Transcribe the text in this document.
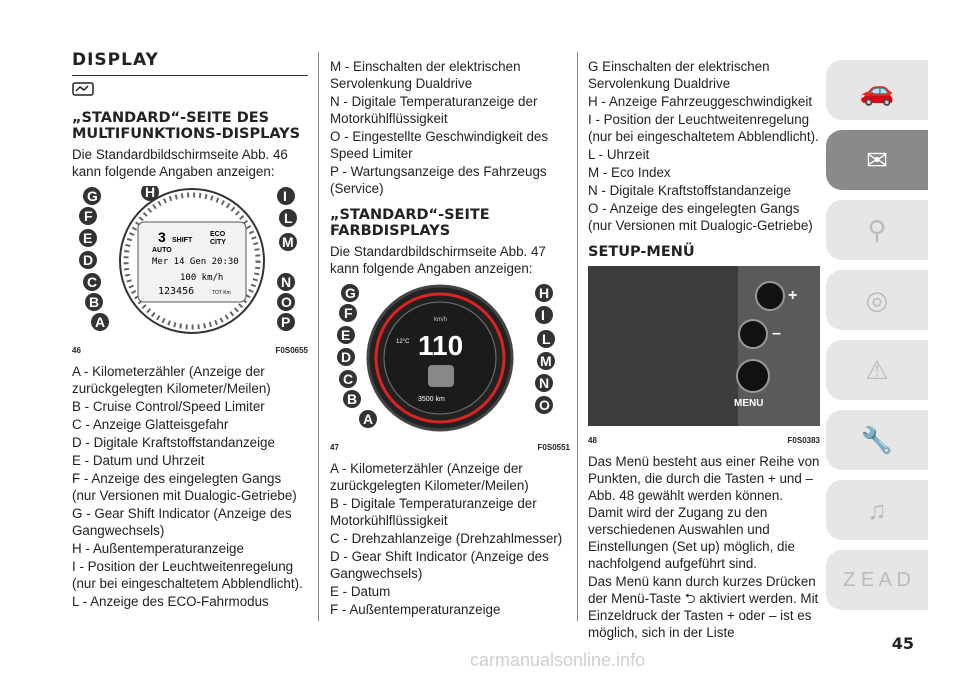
DISPLAY
„STANDARD“-SEITE DES MULTIFUNKTIONS-DISPLAYS

Die Standardbildschirmseite Abb. 46 kann folgende Angaben anzeigen:

3 SHIFT
ECO
CITY
AUTO
Mer 14 Gen 20:30
100 km/h
123456	TOT Km
G	H	I
F	L
E	M
D
C	N
B	O
A	P
46	F0S0655

A - Kilometerzähler (Anzeige der zurückgelegten Kilometer/Meilen)

B - Cruise Control/Speed Limiter

C - Anzeige Glatteisgefahr

D - Digitale Kraftstoffstandanzeige

E - Datum und Uhrzeit

F - Anzeige des eingelegten Gangs (nur Versionen mit Dualogic-Getriebe)

G - Gear Shift Indicator (Anzeige des Gangwechsels)

H - Außentemperaturanzeige

I - Position der Leuchtweitenregelung (nur bei eingeschaltetem Abblendlicht).

L - Anzeige des ECO-Fahrmodus

M - Einschalten der elektrischen Servolenkung Dualdrive

N - Digitale Temperaturanzeige der Motorkühlflüssigkeit

O - Eingestellte Geschwindigkeit des Speed Limiter

P - Wartungsanzeige des Fahrzeugs (Service)

„STANDARD“-SEITE FARBDISPLAYS

Die Standardbildschirmseite Abb. 47 kann folgende Angaben anzeigen:

110
km/h
3500 km
12°C
G	H
F	I
E	L
D	M
C	N
B	O
A
47	F0S0551

A - Kilometerzähler (Anzeige der zurückgelegten Kilometer/Meilen)

B - Digitale Temperaturanzeige der Motorkühlflüssigkeit

C - Drehzahlanzeige (Drehzahlmesser)

D - Gear Shift Indicator (Anzeige des Gangwechsels)

E - Datum

F - Außentemperaturanzeige

G Einschalten der elektrischen Servolenkung Dualdrive

H - Anzeige Fahrzeuggeschwindigkeit

I - Position der Leuchtweitenregelung (nur bei eingeschaltetem Abblendlicht).

L - Uhrzeit

M - Eco Index

N - Digitale Kraftstoffstandanzeige

O - Anzeige des eingelegten Gangs (nur Versionen mit Dualogic-Getriebe)

SETUP-MENÜ
+
–
MENU
48	F0S0383

Das Menü besteht aus einer Reihe von Punkten, die durch die Tasten + und – Abb. 48 gewählt werden können. Damit wird der Zugang zu den verschiedenen Auswahlen und Einstellungen (Set up) möglich, die nachfolgend aufgeführt sind.

Das Menü kann durch kurzes Drücken der Menü-Taste ⮌ aktiviert werden. Mit Einzeldruck der Tasten + oder – ist es möglich, sich in der Liste

🚗
✉
⚲
◎
⚠
🔧
♫
Z E A D
45
carmanualsonline.info
